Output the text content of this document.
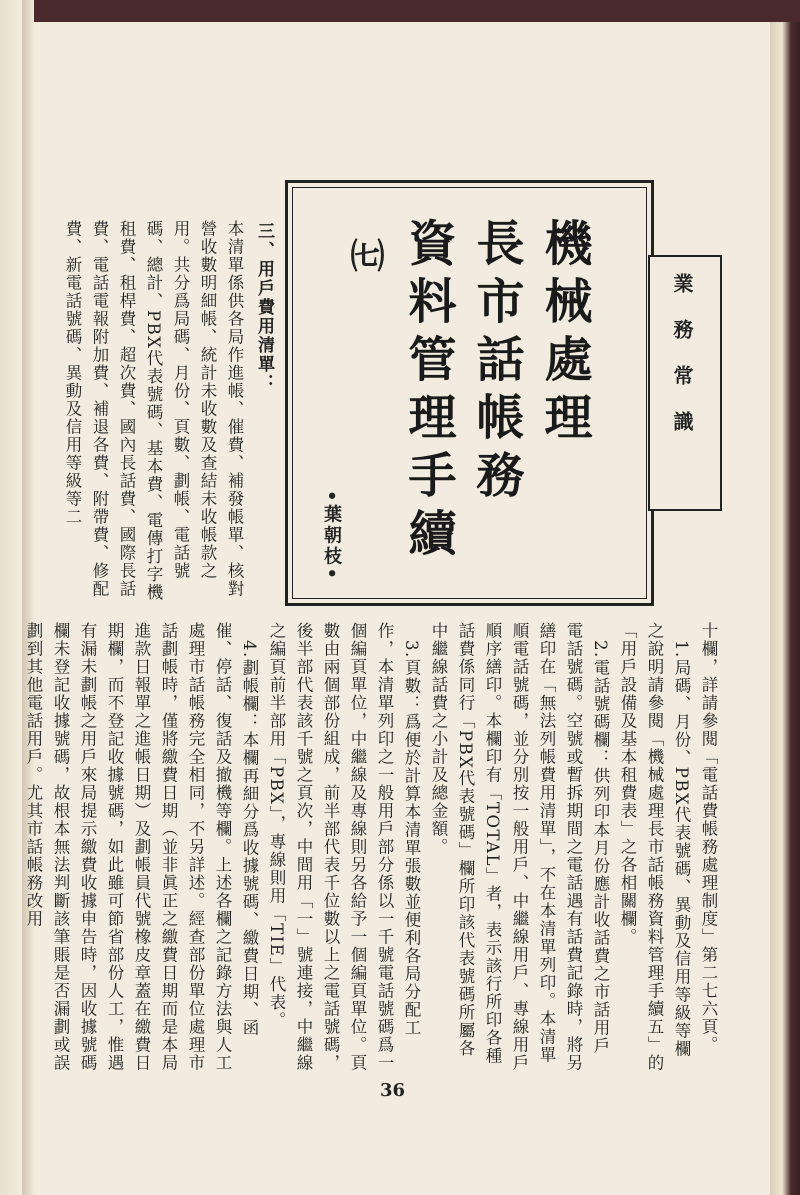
機械處理
長市話帳務
資料管理手續
㈦
•葉朝枝•
業務常識
三、用戶費用清單：
本清單係供各局作進帳、催費、補發帳單、核對營收數明細帳、統計未收數及查結未收帳款之用。共分爲局碼、月份、頁數、劃帳、電話號碼、總計、PBX代表號碼、基本費、電傳打字機租費、租桿費、超次費、國內長話費、國際長話費、電話電報附加費、補退各費、附帶費、修配費、新電話號碼、異動及信用等級等二
十欄，詳請參閱「電話費帳務處理制度」第二七六頁。
　1.局碼、月份、PBX代表號碼、異動及信用等級等欄之說明請參閱「機械處理長市話帳務資料管理手續五」的「用戶設備及基本租費表」之各相關欄。
　2.電話號碼欄：供列印本月份應計收話費之市話用戶電話號碼。空號或暫拆期間之電話遇有話費記錄時，將另繕印在「無法列帳費用清單」，不在本清單列印。本清單順電話號碼，並分別按一般用戶、中繼線用戶、專線用戶順序繕印。本欄印有「TOTAL」者，表示該行所印各種話費係同行「PBX代表號碼」欄所印該代表號碼所屬各中繼線話費之小計及總金額。
　3.頁數：爲便於計算本清單張數並便利各局分配工作，本清單列印之一般用戶部分係以一千號電話號碼爲一個編頁單位，中繼線及專線則另各給予一個編頁單位。頁數由兩個部份組成，前半部代表千位數以上之電話號碼，後半部代表該千號之頁次，中間用「一」號連接，中繼線之編頁前半部用「PBX」，專線則用「TIE」代表。
　4.劃帳欄：本欄再細分爲收據號碼、繳費日期、函催、停話、復話及撤機等欄。上述各欄之記錄方法與人工處理市話帳務完全相同，不另詳述。經查部份單位處理市話劃帳時，僅將繳費日期（並非眞正之繳費日期而是本局進款日報單之進帳日期）及劃帳員代號橡皮章蓋在繳費日期欄，而不登記收據號碼，如此雖可節省部份人工，惟遇有漏未劃帳之用戶來局提示繳費收據申告時，因收據號碼欄未登記收據號碼，故根本無法判斷該筆賬是否漏劃或誤劃到其他電話用戶。尤其市話帳務改用
36
